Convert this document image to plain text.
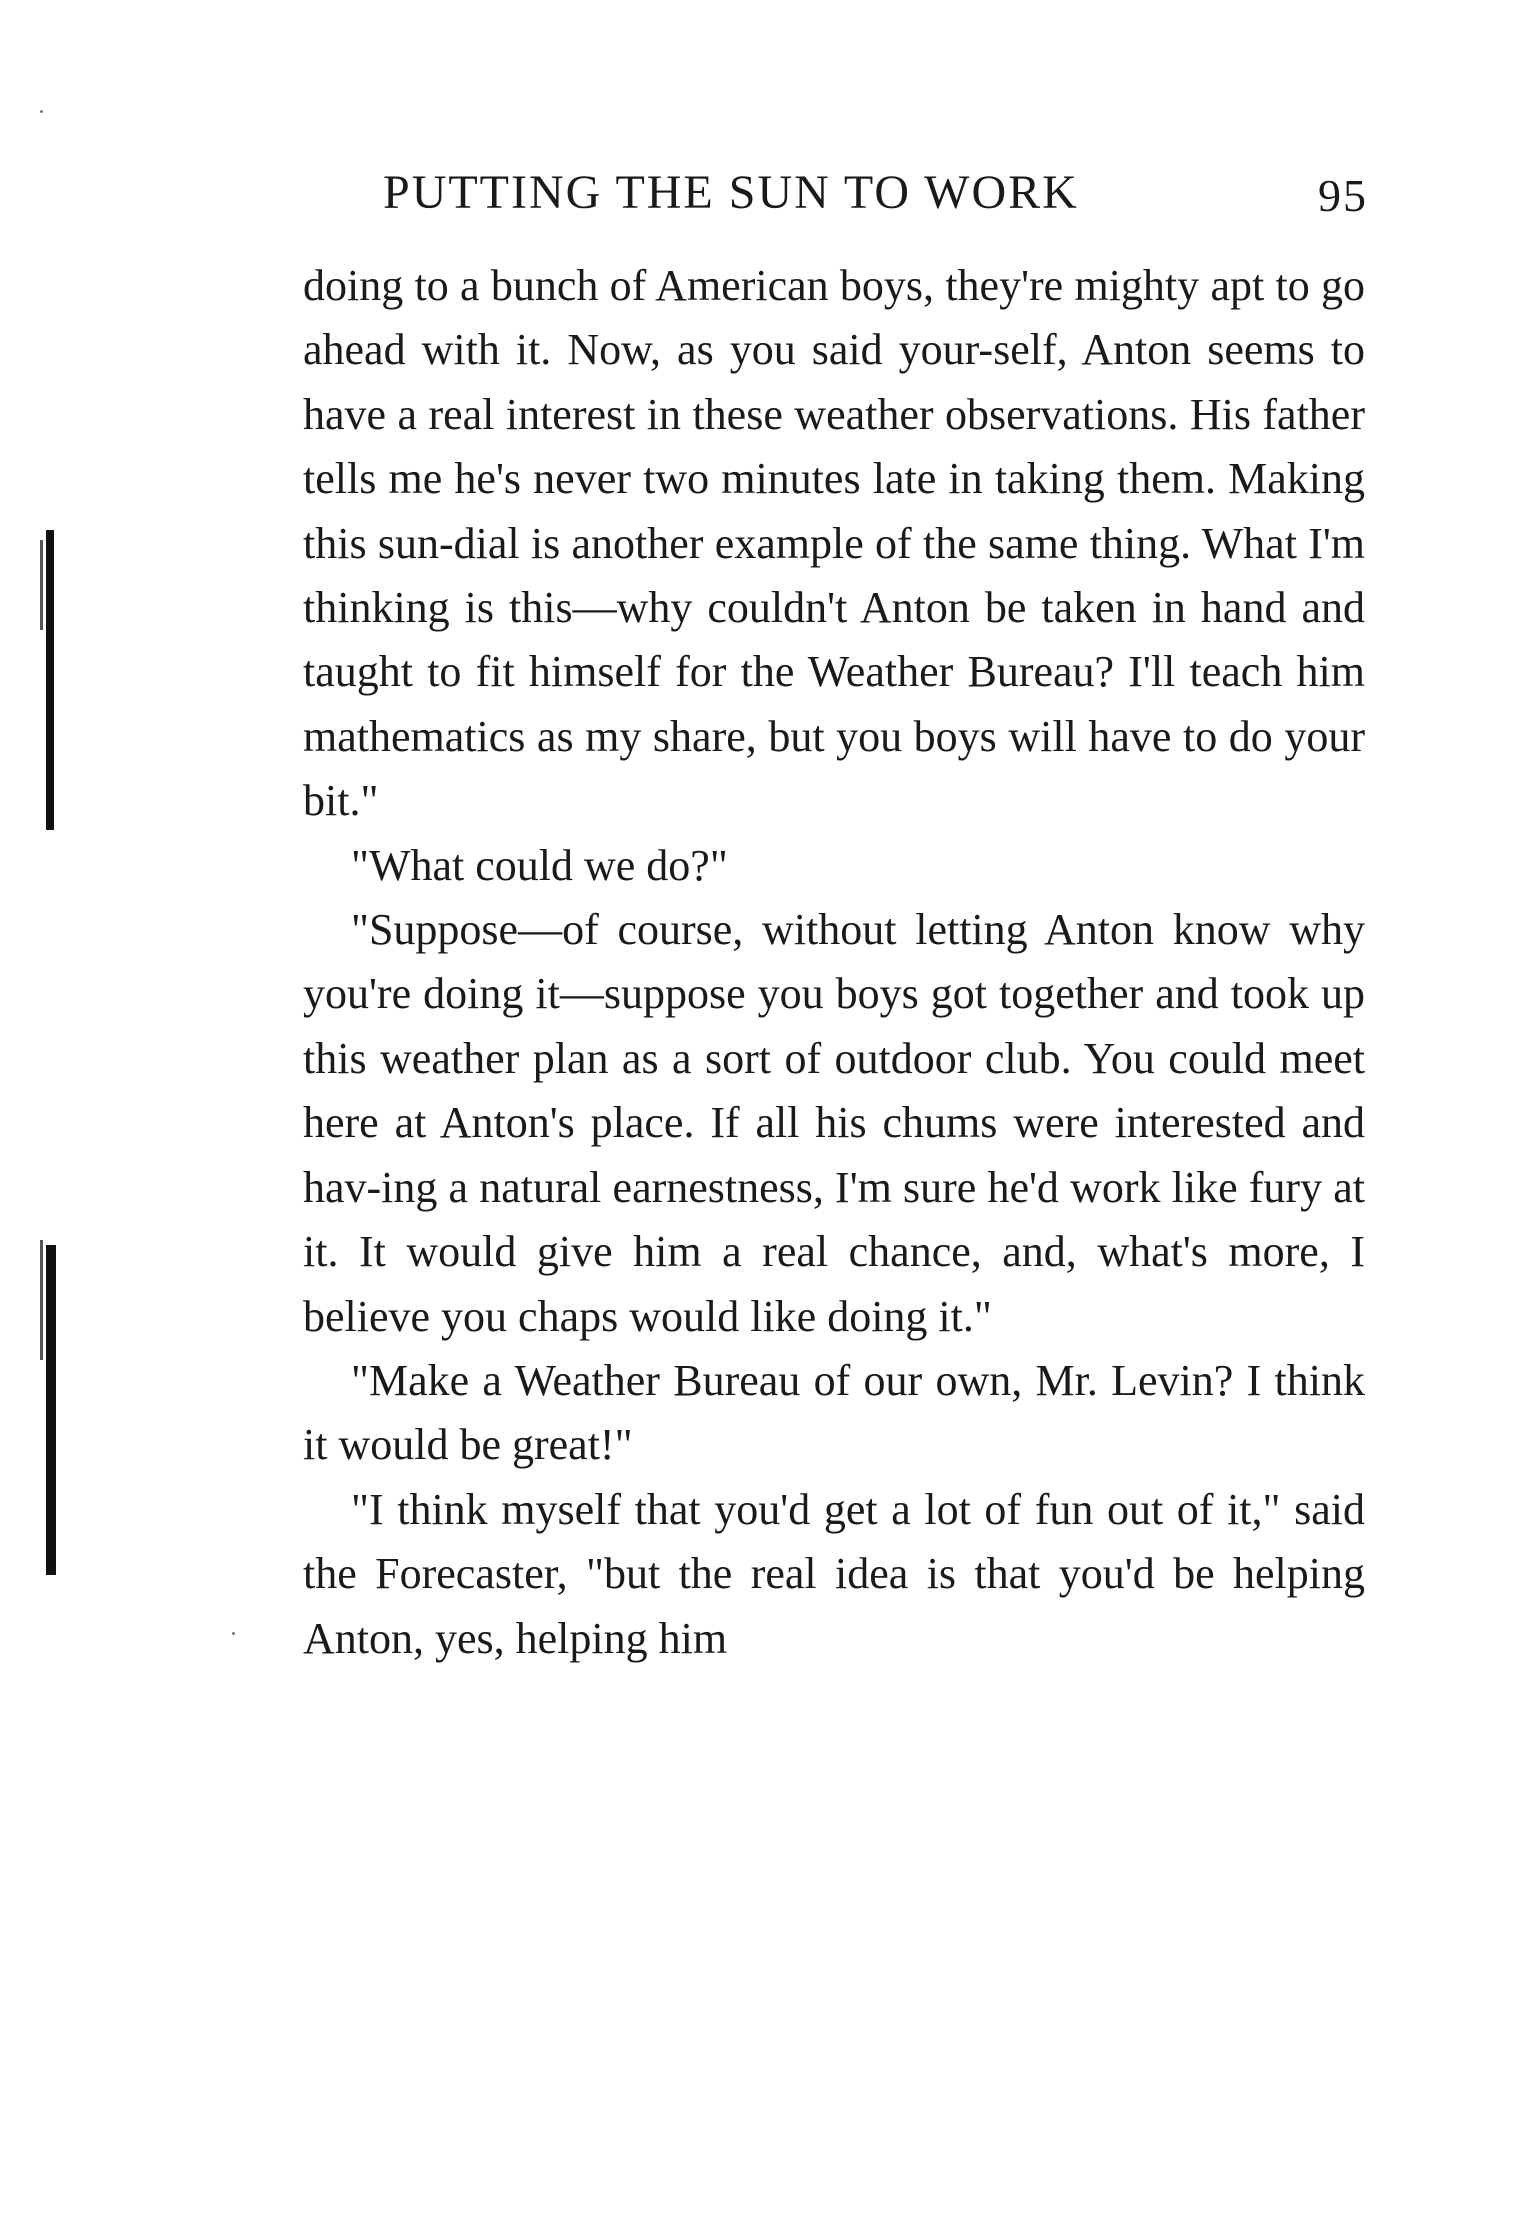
PUTTING THE SUN TO WORK	95

doing to a bunch of American boys, they're mighty apt to go ahead with it. Now, as you said your-self, Anton seems to have a real interest in these weather observations. His father tells me he's never two minutes late in taking them. Making this sun-dial is another example of the same thing. What I'm thinking is this—why couldn't Anton be taken in hand and taught to fit himself for the Weather Bureau? I'll teach him mathematics as my share, but you boys will have to do your bit."

"What could we do?"

"Suppose—of course, without letting Anton know why you're doing it—suppose you boys got together and took up this weather plan as a sort of outdoor club. You could meet here at Anton's place. If all his chums were interested and hav-ing a natural earnestness, I'm sure he'd work like fury at it. It would give him a real chance, and, what's more, I believe you chaps would like doing it."

"Make a Weather Bureau of our own, Mr. Levin? I think it would be great!"

"I think myself that you'd get a lot of fun out of it," said the Forecaster, "but the real idea is that you'd be helping Anton, yes, helping him
